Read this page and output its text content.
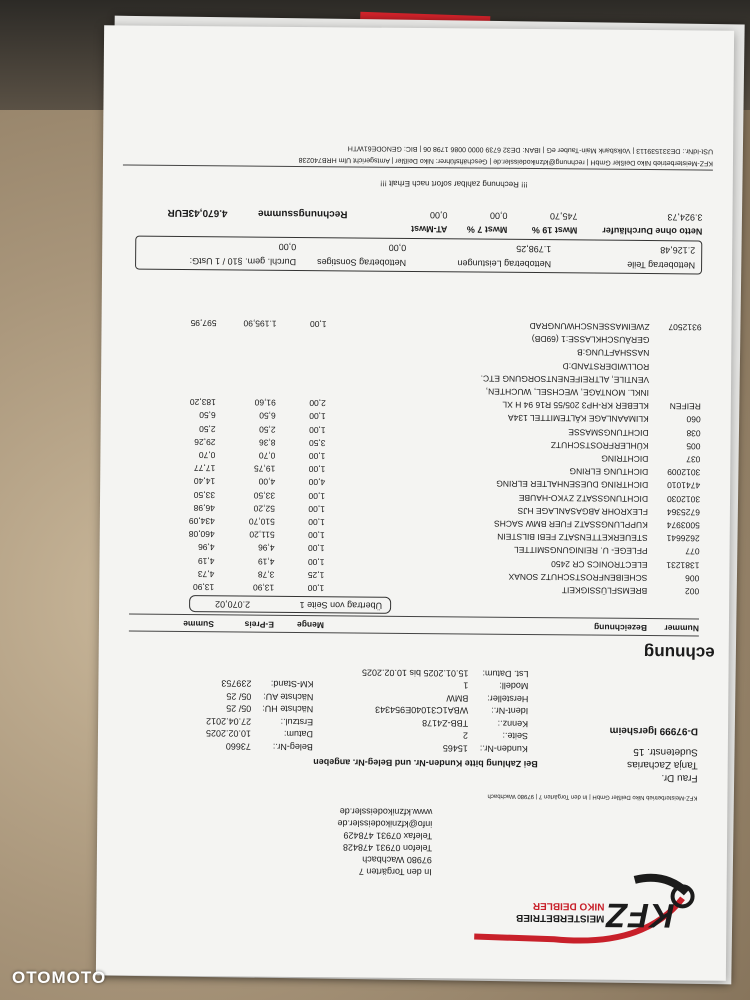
KFZ
MEISTERBETRIEB
NIKO DEIBLER
In den Torgärten 7
97980 Wachbach
Telefon 07931 478428
Telefax 07931 478429
info@kfznikodeissler.de
www.kfznikodeissler.de
KFZ-Meisterbetrieb Niko Deißler GmbH | In den Torgärten 7 | 97980 Wachbach
Frau Dr.
Tanja Zacharias
Sudetenstr. 15
D-97999 Igersheim
Bei Zahlung bitte Kunden-Nr. und Beleg-Nr. angeben
Kunden-Nr.:15465
Seite.:2
Kennz.:TBB-Z4178
Ident-Nr.:WBA1C31040E954343
Hersteller:BMW
Modell:1
Lst. Datum:15.01.2025 bis 10.02.2025
Beleg-Nr.:73660
Datum:10.02.2025
Erstzul.:27.04.2012
Nächste HU:05/ 25
Nächste AU:05/ 25
KM-Stand:239753
echnung
Nummer
Bezeichnung
Menge
E-Preis
Summe
Übertrag von Seite 1
2.070,02
002
BREMSFLÜSSIGKEIT
1,00
13,90
13,90
006
SCHEIBENFROSTSCHUTZ SONAX
1,25
3,78
4,73
1381231
ELECTRONICS CR 2450
1,00
4,19
4,19
077
PFLEGE- U. REINIGUNGSMITTEL
1,00
4,96
4,96
2626641
STEUERKETTENSATZ FEBI BILSTEIN
1,00
511,20
460,08
5003974
KUPPLUNGSSATZ FUER BMW SACHS
1,00
510,70
434,09
6725364
FLEXROHR ABGASANLAGE HJS
1,00
52,20
46,98
3012030
DICHTUNGSSATZ ZYKO-HAUBE
1,00
33,50
33,50
4741010
DICHTRING DUESENHALTER ELRING
4,00
4,00
14,40
3012009
DICHTUNG ELRING
1,00
19,75
17,77
037
DICHTRING
1,00
0,70
0,70
005
KÜHLERFROSTSCHUTZ
3,50
8,36
29,26
038
DICHTUNGSMASSE
1,00
2,50
2,50
060
KLIMAANLAGE KÄLTEMITTEL 134A
1,00
6,50
6,50
REIFEN
KLEBER KR-HP3 205/55 R16 94 H XL
2,00
91,60
183,20
INKL. MONTAGE, WECHSEL, WUCHTEN,
VENTILE, ALTREIFENENTSORGUNG ETC.
ROLLWIDERSTAND:D
NASSHAFTUNG:B
GERÄUSCHKLASSE:1 (69DB)
9312507
ZWEIMASSENSCHWUNGRAD
1,00
1.195,90
597,95
Nettobetrag Teile
2.126,48
Nettobetrag Leistungen
1.798,25
Nettobetrag Sonstiges
0,00
Durchl. gem. §10 / 1 UstG:
0,00
Netto ohne Durchläufer
3.924,73
Mwst 19 %
745,70
Mwst 7 %
0,00
AT-Mwst
0,00
Rechnungssumme
4.670,43EUR
!!! Rechnung zahlbar sofort nach Erhalt !!!
KFZ-Meisterbetrieb Niko Deißler GmbH | rechnung@kfznikodeissler.de | Geschäftsführer: Niko Deißler | Amtsgericht Ulm HRB740238
USt-IdNr.: DE331539113 | Volksbank Main-Tauber eG | IBAN: DE32 6739 0000 0086 1798 06 | BIC: GENODE61WTH
OTOMOTO
